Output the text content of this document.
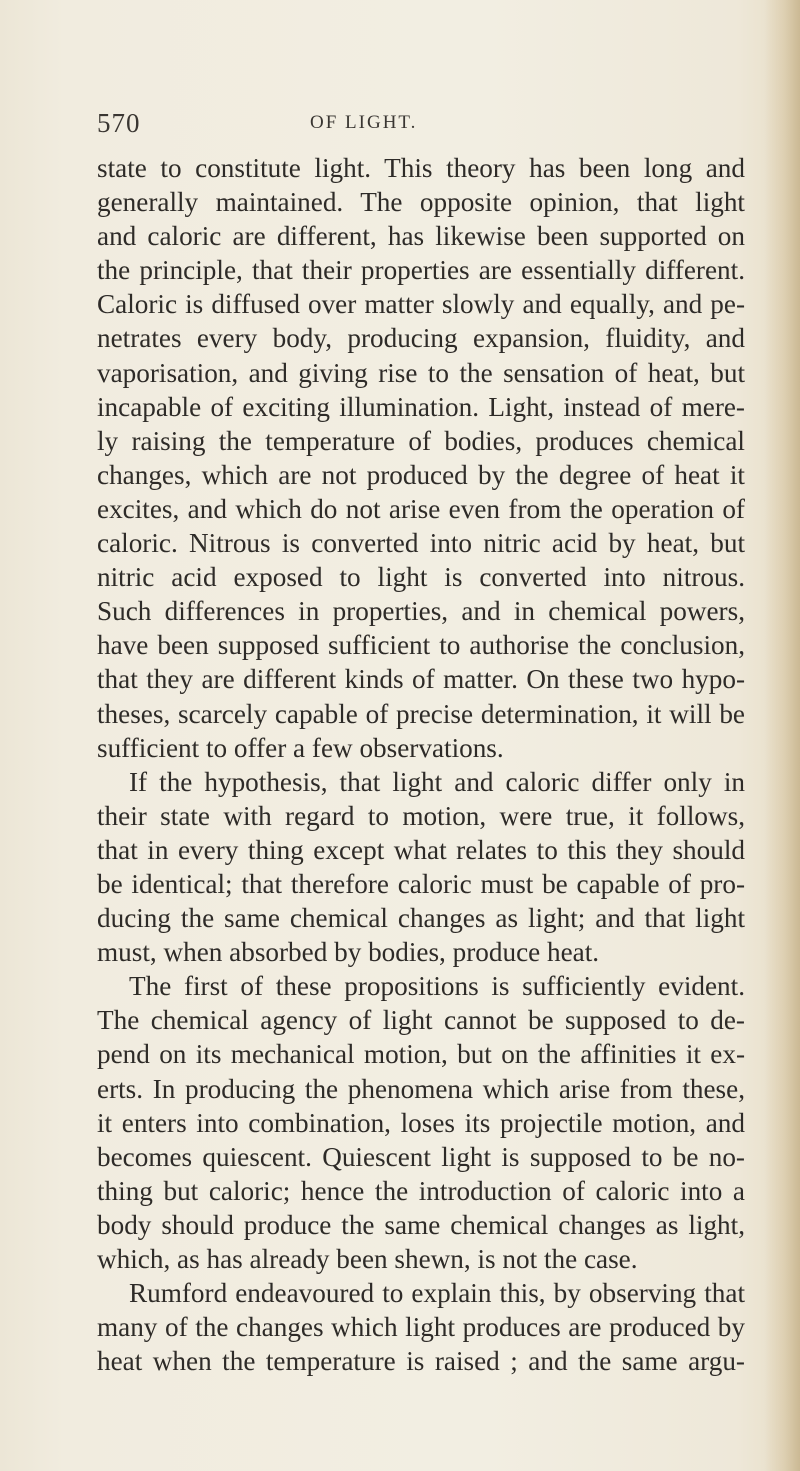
570	OF LIGHT.
state to constitute light. This theory has been long and
generally maintained. The opposite opinion, that light
and caloric are different, has likewise been supported on
the principle, that their properties are essentially different.
Caloric is diffused over matter slowly and equally, and pe-
netrates every body, producing expansion, fluidity, and
vaporisation, and giving rise to the sensation of heat, but
incapable of exciting illumination. Light, instead of mere-
ly raising the temperature of bodies, produces chemical
changes, which are not produced by the degree of heat it
excites, and which do not arise even from the operation of
caloric. Nitrous is converted into nitric acid by heat, but
nitric acid exposed to light is converted into nitrous.
Such differences in properties, and in chemical powers,
have been supposed sufficient to authorise the conclusion,
that they are different kinds of matter. On these two hypo-
theses, scarcely capable of precise determination, it will be
sufficient to offer a few observations.
If the hypothesis, that light and caloric differ only in
their state with regard to motion, were true, it follows,
that in every thing except what relates to this they should
be identical; that therefore caloric must be capable of pro-
ducing the same chemical changes as light; and that light
must, when absorbed by bodies, produce heat.
The first of these propositions is sufficiently evident.
The chemical agency of light cannot be supposed to de-
pend on its mechanical motion, but on the affinities it ex-
erts. In producing the phenomena which arise from these,
it enters into combination, loses its projectile motion, and
becomes quiescent. Quiescent light is supposed to be no-
thing but caloric; hence the introduction of caloric into a
body should produce the same chemical changes as light,
which, as has already been shewn, is not the case.
Rumford endeavoured to explain this, by observing that
many of the changes which light produces are produced by
heat when the temperature is raised ; and the same argu-
